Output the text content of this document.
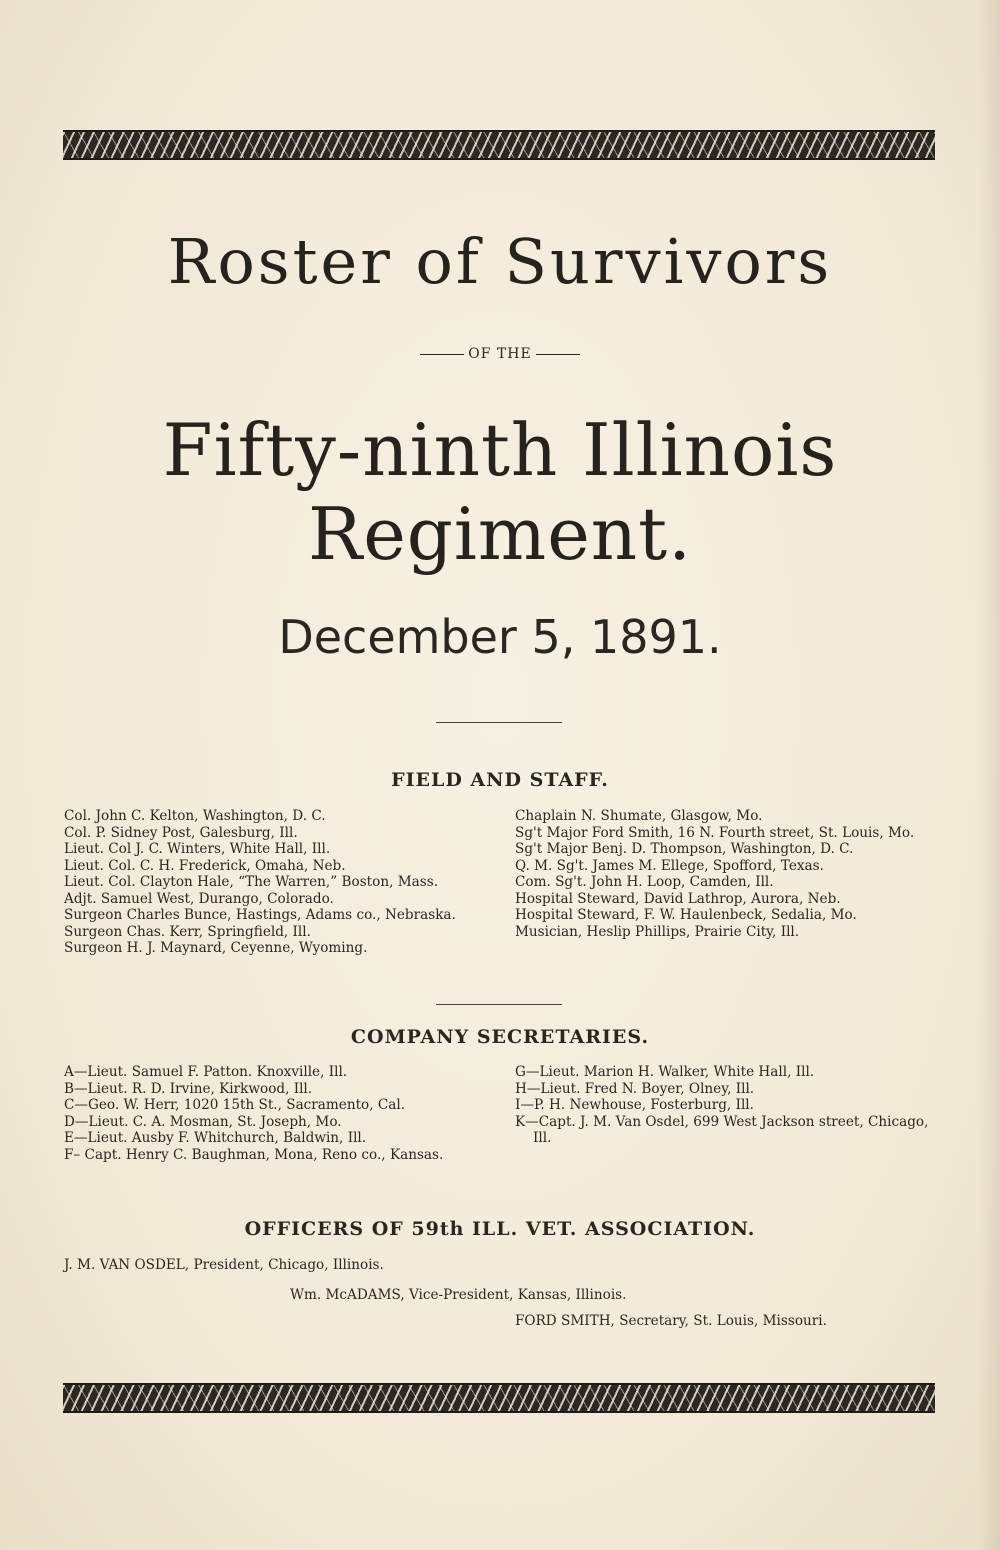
Roster of Survivors
OF THE
Fifty-ninth Illinois Regiment.
December 5, 1891.
FIELD AND STAFF.

Col. John C. Kelton, Washington, D. C.

Col. P. Sidney Post, Galesburg, Ill.

Lieut. Col J. C. Winters, White Hall, Ill.

Lieut. Col. C. H. Frederick, Omaha, Neb.

Lieut. Col. Clayton Hale, “The Warren,” Boston, Mass.

Adjt. Samuel West, Durango, Colorado.

Surgeon Charles Bunce, Hastings, Adams co., Nebraska.

Surgeon Chas. Kerr, Springfield, Ill.

Surgeon H. J. Maynard, Ceyenne, Wyoming.

Chaplain N. Shumate, Glasgow, Mo.

Sg't Major Ford Smith, 16 N. Fourth street, St. Louis, Mo.

Sg't Major Benj. D. Thompson, Washington, D. C.

Q. M. Sg't. James M. Ellege, Spofford, Texas.

Com. Sg't. John H. Loop, Camden, Ill.

Hospital Steward, David Lathrop, Aurora, Neb.

Hospital Steward, F. W. Haulenbeck, Sedalia, Mo.

Musician, Heslip Phillips, Prairie City, Ill.

COMPANY SECRETARIES.

A—Lieut. Samuel F. Patton. Knoxville, Ill.

B—Lieut. R. D. Irvine, Kirkwood, Ill.

C—Geo. W. Herr, 1020 15th St., Sacramento, Cal.

D—Lieut. C. A. Mosman, St. Joseph, Mo.

E—Lieut. Ausby F. Whitchurch, Baldwin, Ill.

F– Capt. Henry C. Baughman, Mona, Reno co., Kansas.

G—Lieut. Marion H. Walker, White Hall, Ill.

H—Lieut. Fred N. Boyer, Olney, Ill.

I—P. H. Newhouse, Fosterburg, Ill.

K—Capt. J. M. Van Osdel, 699 West Jackson street, Chicago, Ill.

OFFICERS OF 59th ILL. VET. ASSOCIATION.
J. M. VAN OSDEL, President, Chicago, Illinois.
Wm. McADAMS, Vice-President, Kansas, Illinois.
FORD SMITH, Secretary, St. Louis, Missouri.
